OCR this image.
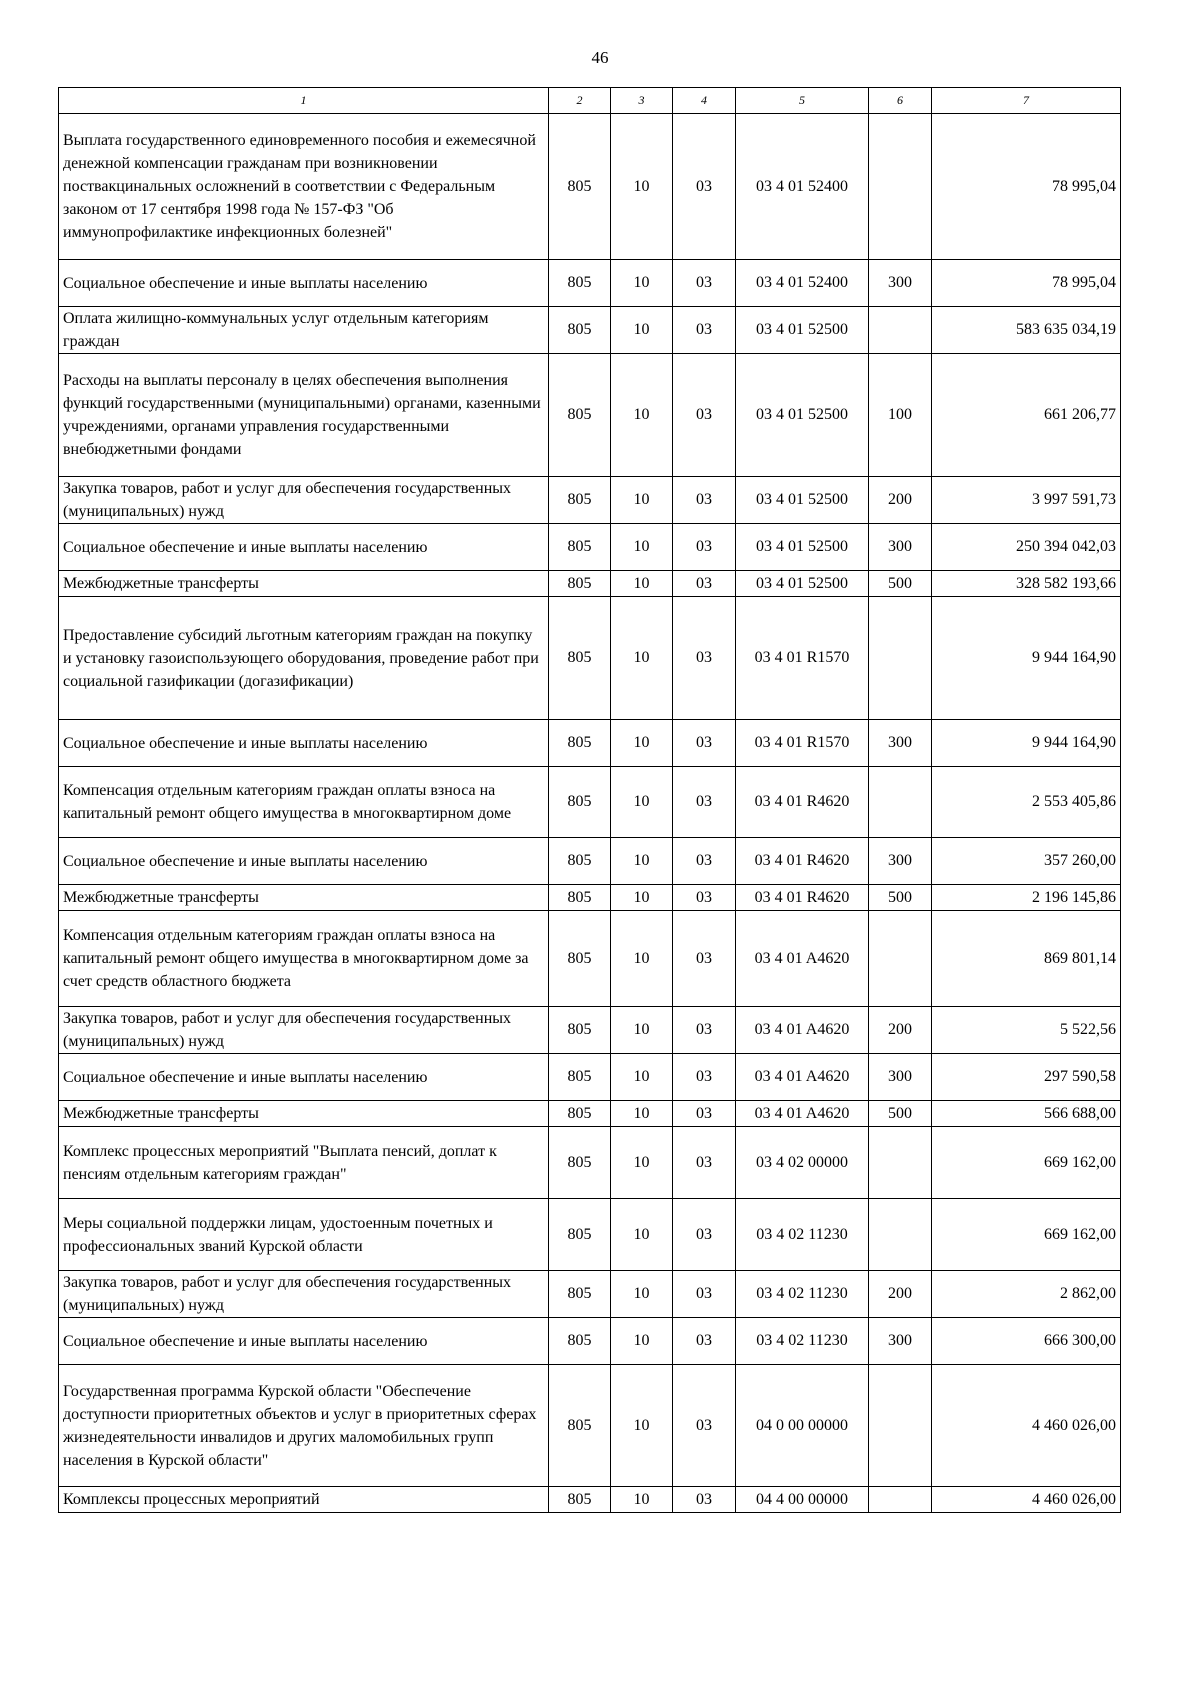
46
1	2	3	4	5	6	7
Выплата государственного единовременного пособия и ежемесячной денежной компенсации гражданам при возникновении поствакцинальных осложнений в соответствии с Федеральным законом от 17 сентября 1998 года № 157-ФЗ "Об иммунопрофилактике инфекционных болезней"	805	10	03	03 4 01 52400		78 995,04
Социальное обеспечение и иные выплаты населению	805	10	03	03 4 01 52400	300	78 995,04
Оплата жилищно-коммунальных услуг отдельным категориям граждан	805	10	03	03 4 01 52500		583 635 034,19
Расходы на выплаты персоналу в целях обеспечения выполнения функций государственными (муниципальными) органами, казенными учреждениями, органами управления государственными внебюджетными фондами	805	10	03	03 4 01 52500	100	661 206,77
Закупка товаров, работ и услуг для обеспечения государственных (муниципальных) нужд	805	10	03	03 4 01 52500	200	3 997 591,73
Социальное обеспечение и иные выплаты населению	805	10	03	03 4 01 52500	300	250 394 042,03
Межбюджетные трансферты	805	10	03	03 4 01 52500	500	328 582 193,66
Предоставление субсидий льготным категориям граждан на покупку и установку газоиспользующего оборудования, проведение работ при социальной газификации (догазификации)	805	10	03	03 4 01 R1570		9 944 164,90
Социальное обеспечение и иные выплаты населению	805	10	03	03 4 01 R1570	300	9 944 164,90
Компенсация отдельным категориям граждан оплаты взноса на капитальный ремонт общего имущества в многоквартирном доме	805	10	03	03 4 01 R4620		2 553 405,86
Социальное обеспечение и иные выплаты населению	805	10	03	03 4 01 R4620	300	357 260,00
Межбюджетные трансферты	805	10	03	03 4 01 R4620	500	2 196 145,86
Компенсация отдельным категориям граждан оплаты взноса на капитальный ремонт общего имущества в многоквартирном доме за счет средств областного бюджета	805	10	03	03 4 01 A4620		869 801,14
Закупка товаров, работ и услуг для обеспечения государственных (муниципальных) нужд	805	10	03	03 4 01 A4620	200	5 522,56
Социальное обеспечение и иные выплаты населению	805	10	03	03 4 01 A4620	300	297 590,58
Межбюджетные трансферты	805	10	03	03 4 01 A4620	500	566 688,00
Комплекс процессных мероприятий "Выплата пенсий, доплат к пенсиям отдельным категориям граждан"	805	10	03	03 4 02 00000		669 162,00
Меры социальной поддержки лицам, удостоенным почетных и профессиональных званий Курской области	805	10	03	03 4 02 11230		669 162,00
Закупка товаров, работ и услуг для обеспечения государственных (муниципальных) нужд	805	10	03	03 4 02 11230	200	2 862,00
Социальное обеспечение и иные выплаты населению	805	10	03	03 4 02 11230	300	666 300,00
Государственная программа Курской области "Обеспечение доступности приоритетных объектов и услуг в приоритетных сферах жизнедеятельности инвалидов и других маломобильных групп населения в Курской области"	805	10	03	04 0 00 00000		4 460 026,00
Комплексы процессных мероприятий	805	10	03	04 4 00 00000		4 460 026,00
